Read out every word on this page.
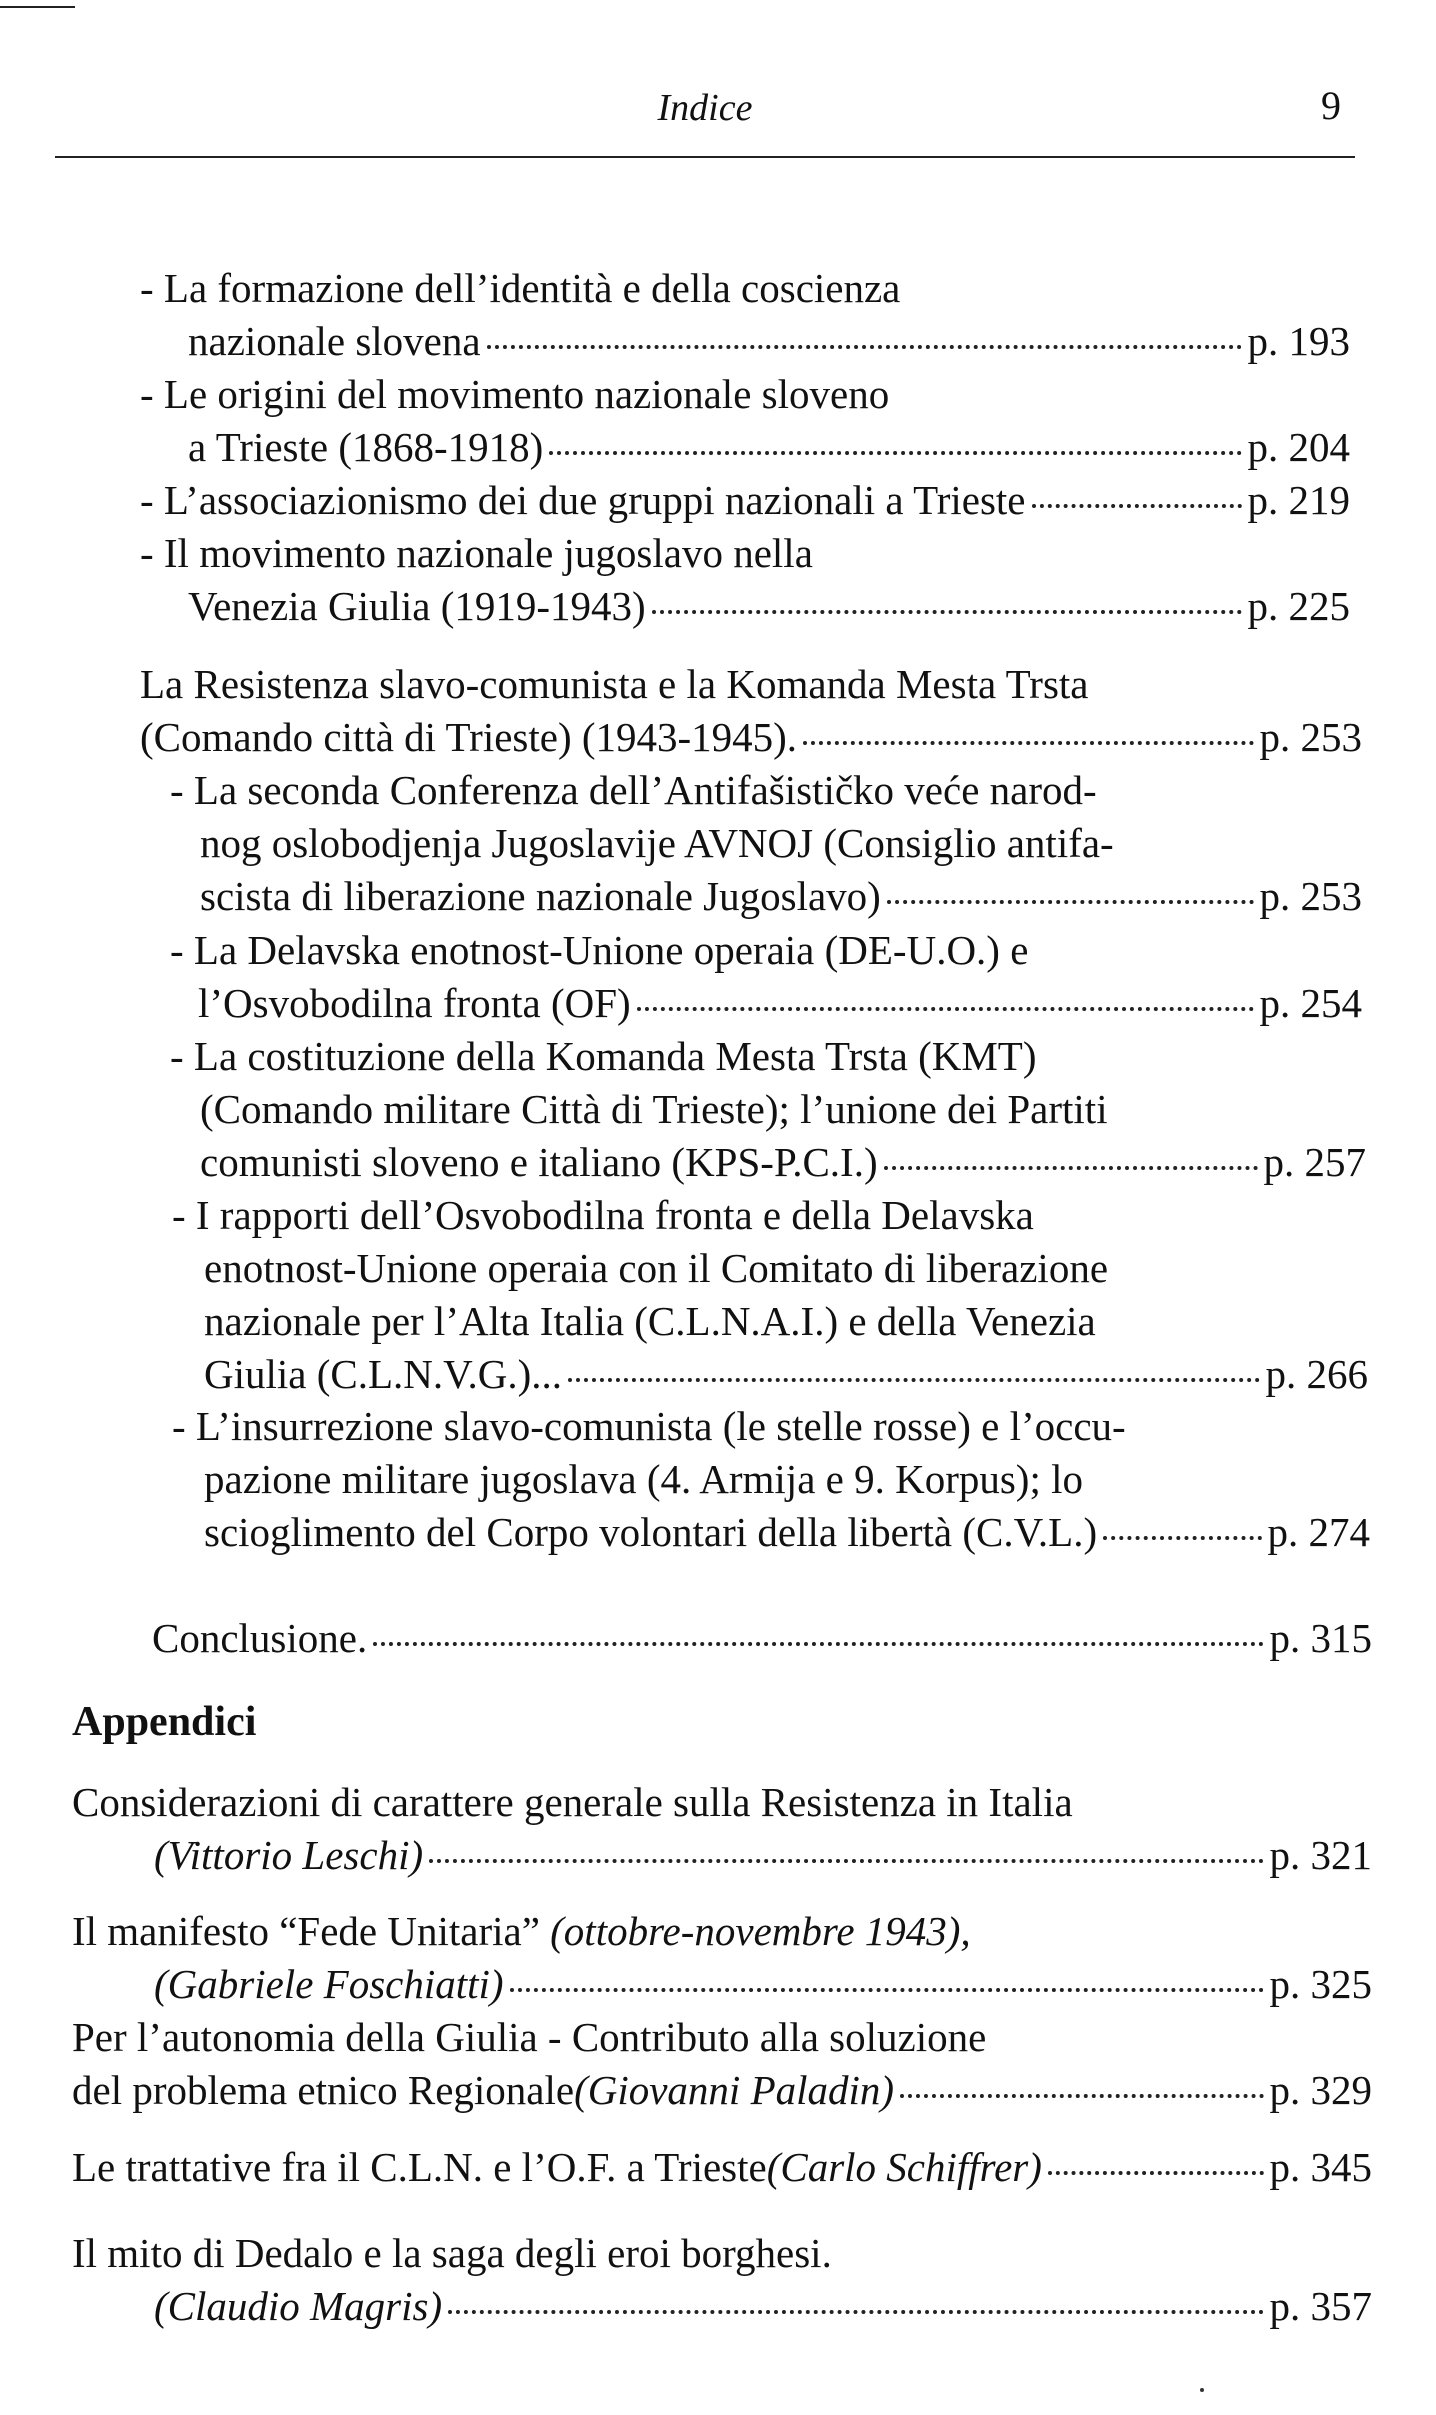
Indice	9
- La formazione dell’identità e della coscienza
nazionale slovena	p. 193
- Le origini del movimento nazionale sloveno
a Trieste (1868-1918)	p. 204
- L’associazionismo dei due gruppi nazionali a Trieste	p. 219
- Il movimento nazionale jugoslavo nella
Venezia Giulia (1919-1943)	p. 225
La Resistenza slavo-comunista e la Komanda Mesta Trsta
(Comando città di Trieste) (1943-1945).	p. 253
- La seconda Conferenza dell’Antifašističko veće narod-
nog oslobodjenja Jugoslavije AVNOJ (Consiglio antifa-
scista di liberazione nazionale Jugoslavo)	p. 253
- La Delavska enotnost-Unione operaia (DE-U.O.) e
l’Osvobodilna fronta (OF)	p. 254
- La costituzione della Komanda Mesta Trsta (KMT)
(Comando militare Città di Trieste); l’unione dei Partiti
comunisti sloveno e italiano (KPS-P.C.I.)	p. 257
- I rapporti dell’Osvobodilna fronta e della Delavska
enotnost-Unione operaia con il Comitato di liberazione
nazionale per l’Alta Italia (C.L.N.A.I.) e della Venezia
Giulia (C.L.N.V.G.)...	p. 266
- L’insurrezione slavo-comunista (le stelle rosse) e l’occu-
pazione militare jugoslava (4. Armija e 9. Korpus); lo
scioglimento del Corpo volontari della libertà (C.V.L.)	p. 274
Conclusione.	p. 315
Appendici
Considerazioni di carattere generale sulla Resistenza in Italia
(Vittorio Leschi)	p. 321
Il manifesto “Fede Unitaria” (ottobre-novembre 1943),
(Gabriele Foschiatti)	p. 325
Per l’autonomia della Giulia - Contributo alla soluzione
del problema etnico Regionale (Giovanni Paladin)	p. 329
Le trattative fra il C.L.N. e l’O.F. a Trieste (Carlo Schiffrer)	p. 345
Il mito di Dedalo e la saga degli eroi borghesi.
(Claudio Magris)	p. 357
